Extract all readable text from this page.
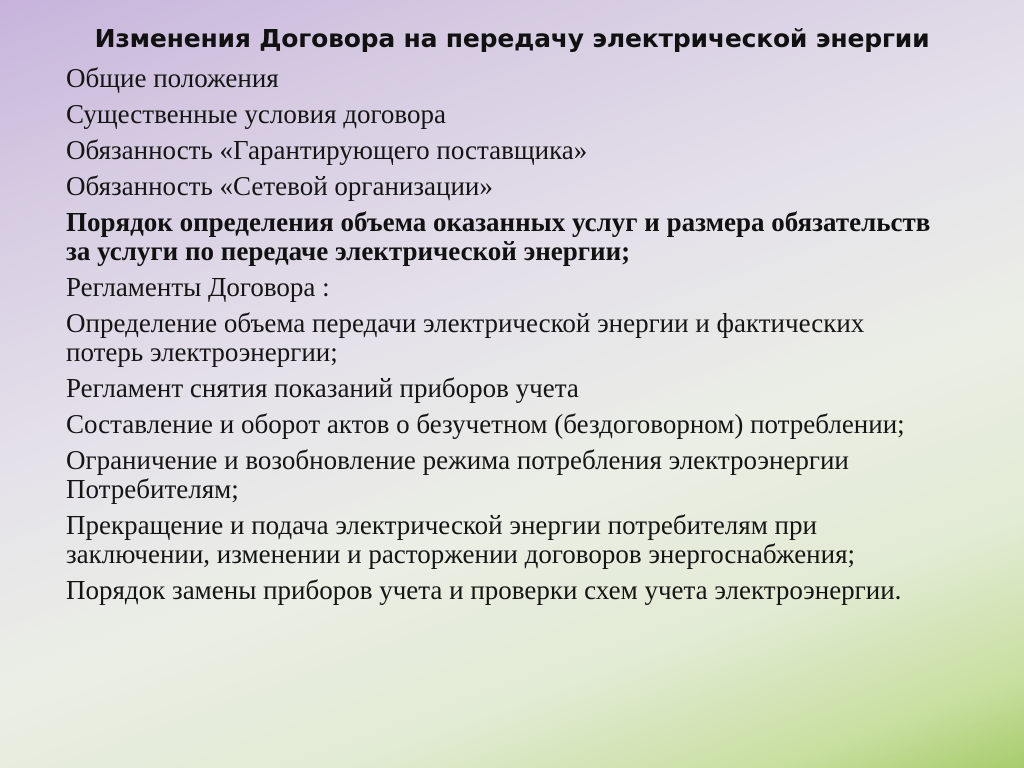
Изменения Договора на передачу электрической энергии
Общие положения
Существенные условия договора
Обязанность «Гарантирующего поставщика»
Обязанность «Сетевой организации»
Порядок определения объема оказанных услуг и размера обязательств за услуги по передаче электрической энергии;
Регламенты Договора :
Определение объема передачи электрической энергии и фактических потерь электроэнергии;
Регламент снятия показаний приборов учета
Составление и оборот актов о безучетном (бездоговорном) потреблении;
Ограничение и возобновление режима потребления электроэнергии Потребителям;
Прекращение и подача электрической энергии потребителям при заключении, изменении и расторжении договоров энергоснабжения;
Порядок замены приборов учета и проверки схем учета электроэнергии.
